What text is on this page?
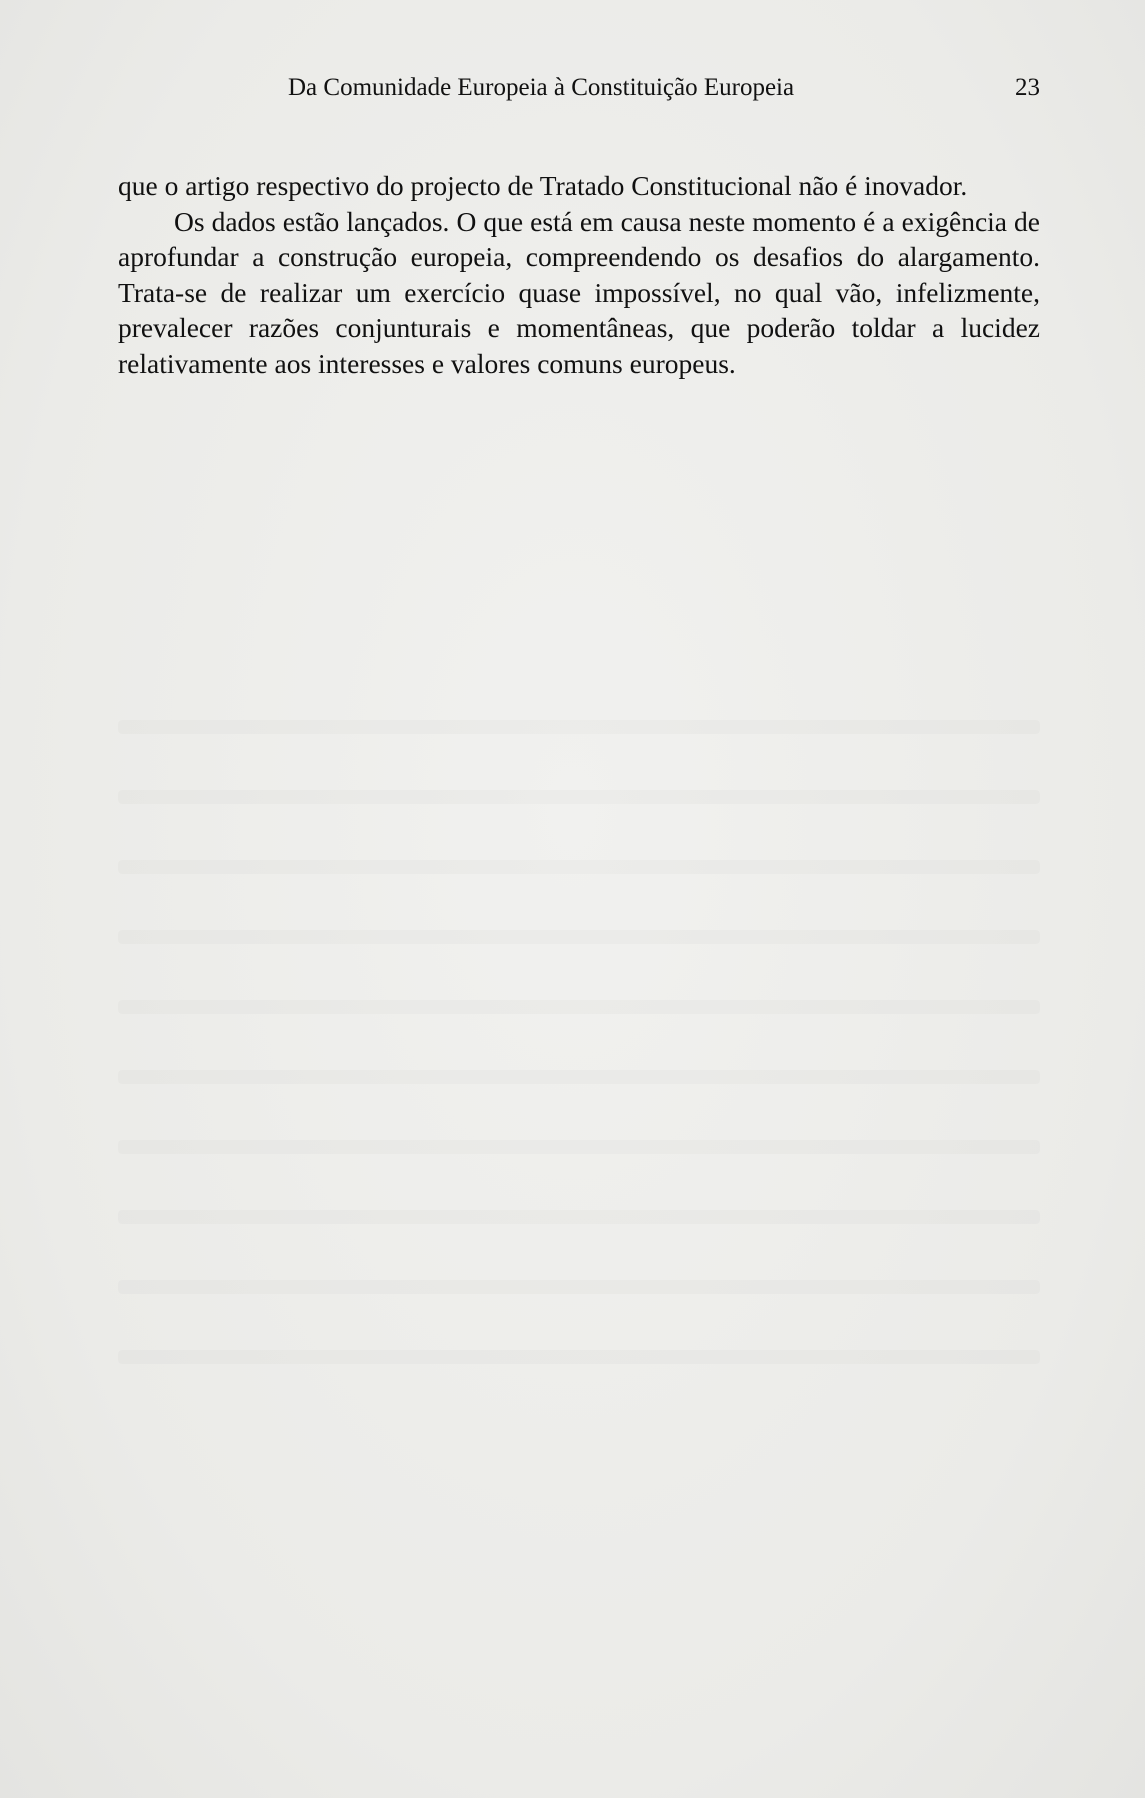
Da Comunidade Europeia à Constituição Europeia	23

que o artigo respectivo do projecto de Tratado Constitucional não é inovador.

Os dados estão lançados. O que está em causa neste momento é a exigência de aprofundar a construção europeia, compreendendo os desafios do alargamento. Trata-se de realizar um exercício quase impossível, no qual vão, infelizmente, prevalecer razões conjunturais e momentâneas, que poderão toldar a lucidez relativamente aos interesses e valores comuns europeus.
